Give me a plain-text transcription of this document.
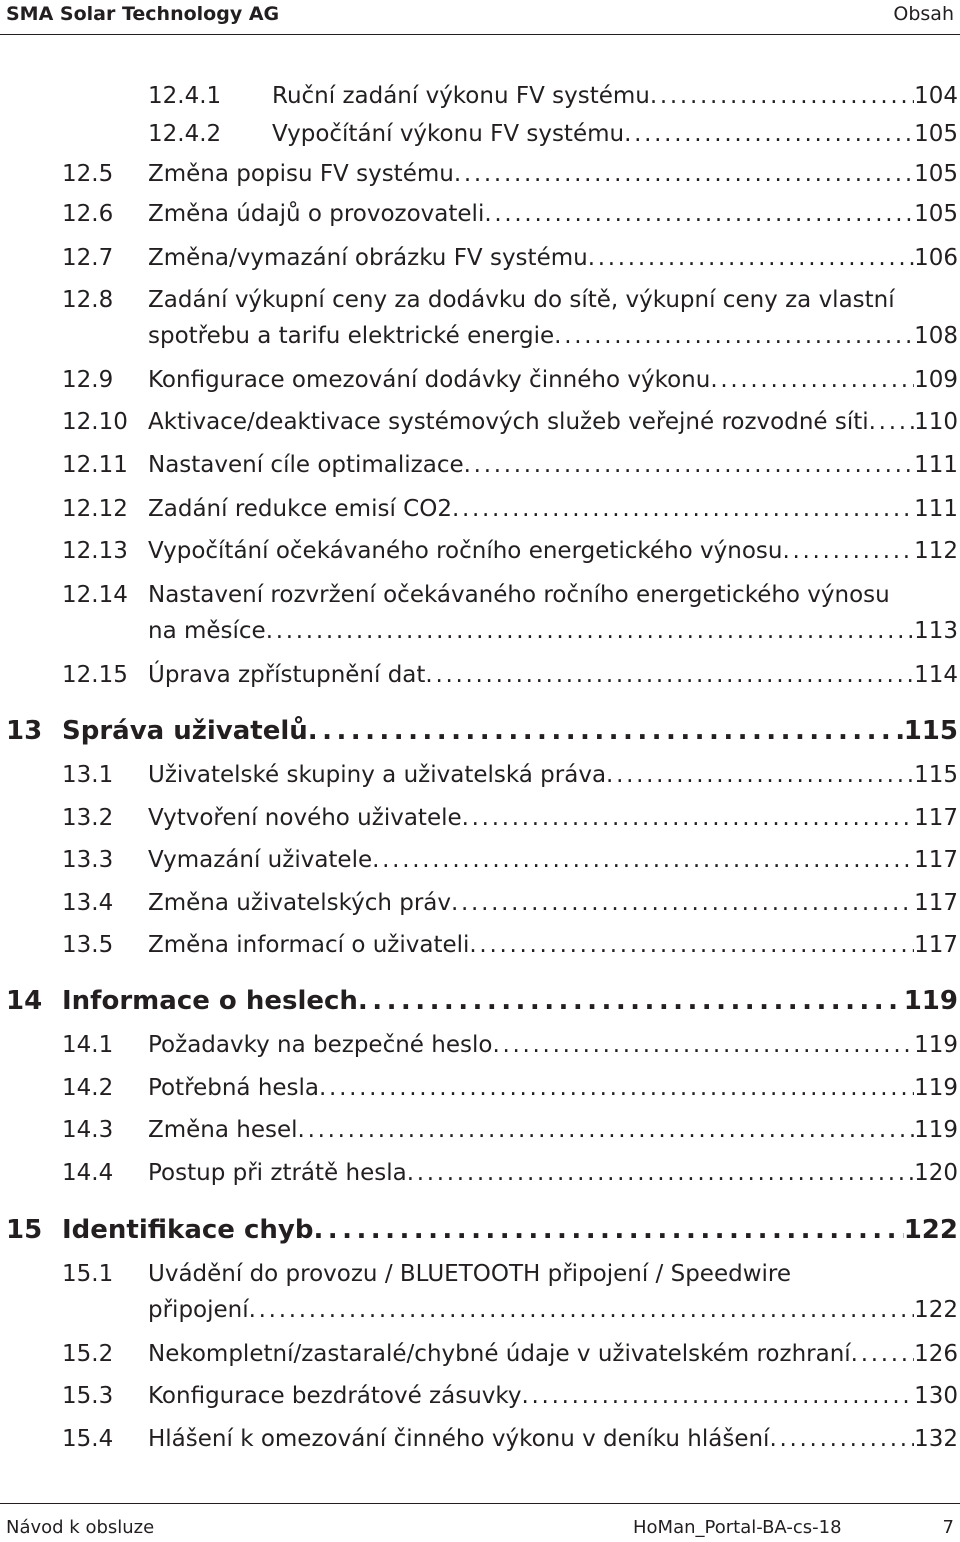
SMA Solar Technology AG	Obsah
12.4.1 Ruční zadání výkonu FV systému . . .	104
12.4.2 Vypočítání výkonu FV systému . . .	105
12.5 Změna popisu FV systému . . .	105
12.6 Změna údajů o provozovateli . . .	105
12.7 Změna/vymazání obrázku FV systému . . .	106
12.8 Zadání výkupní ceny za dodávku do sítě, výkupní ceny za vlastní
spotřebu a tarifu elektrické energie . . .	108
12.9 Konfigurace omezování dodávky činného výkonu . . .	109
12.10 Aktivace/deaktivace systémových služeb veřejné rozvodné síti . . . 110
12.11 Nastavení cíle optimalizace . . .	111
12.12 Zadání redukce emisí CO2 . . .	111
12.13 Vypočítání očekávaného ročního energetického výnosu . . .	112
12.14 Nastavení rozvržení očekávaného ročního energetického výnosu
na měsíce . . .	113
12.15 Úprava zpřístupnění dat . . .	114
13 Správa uživatelů . . .	115
13.1 Uživatelské skupiny a uživatelská práva . . .	115
13.2 Vytvoření nového uživatele . . .	117
13.3 Vymazání uživatele . . .	117
13.4 Změna uživatelských práv . . .	117
13.5 Změna informací o uživateli . . .	117
14 Informace o heslech . . .	119
14.1 Požadavky na bezpečné heslo . . .	119
14.2 Potřebná hesla . . .	119
14.3 Změna hesel . . .	119
14.4 Postup při ztrátě hesla . . .	120
15 Identifikace chyb . . .	122
15.1 Uvádění do provozu / BLUETOOTH připojení / Speedwire
připojení . . .	122
15.2 Nekompletní/zastaralé/chybné údaje v uživatelském rozhraní . . .	126
15.3 Konfigurace bezdrátové zásuvky . . .	130
15.4 Hlášení k omezování činného výkonu v deníku hlášení . . .	132
Návod k obsluze	HoMan_Portal-BA-cs-18	7
